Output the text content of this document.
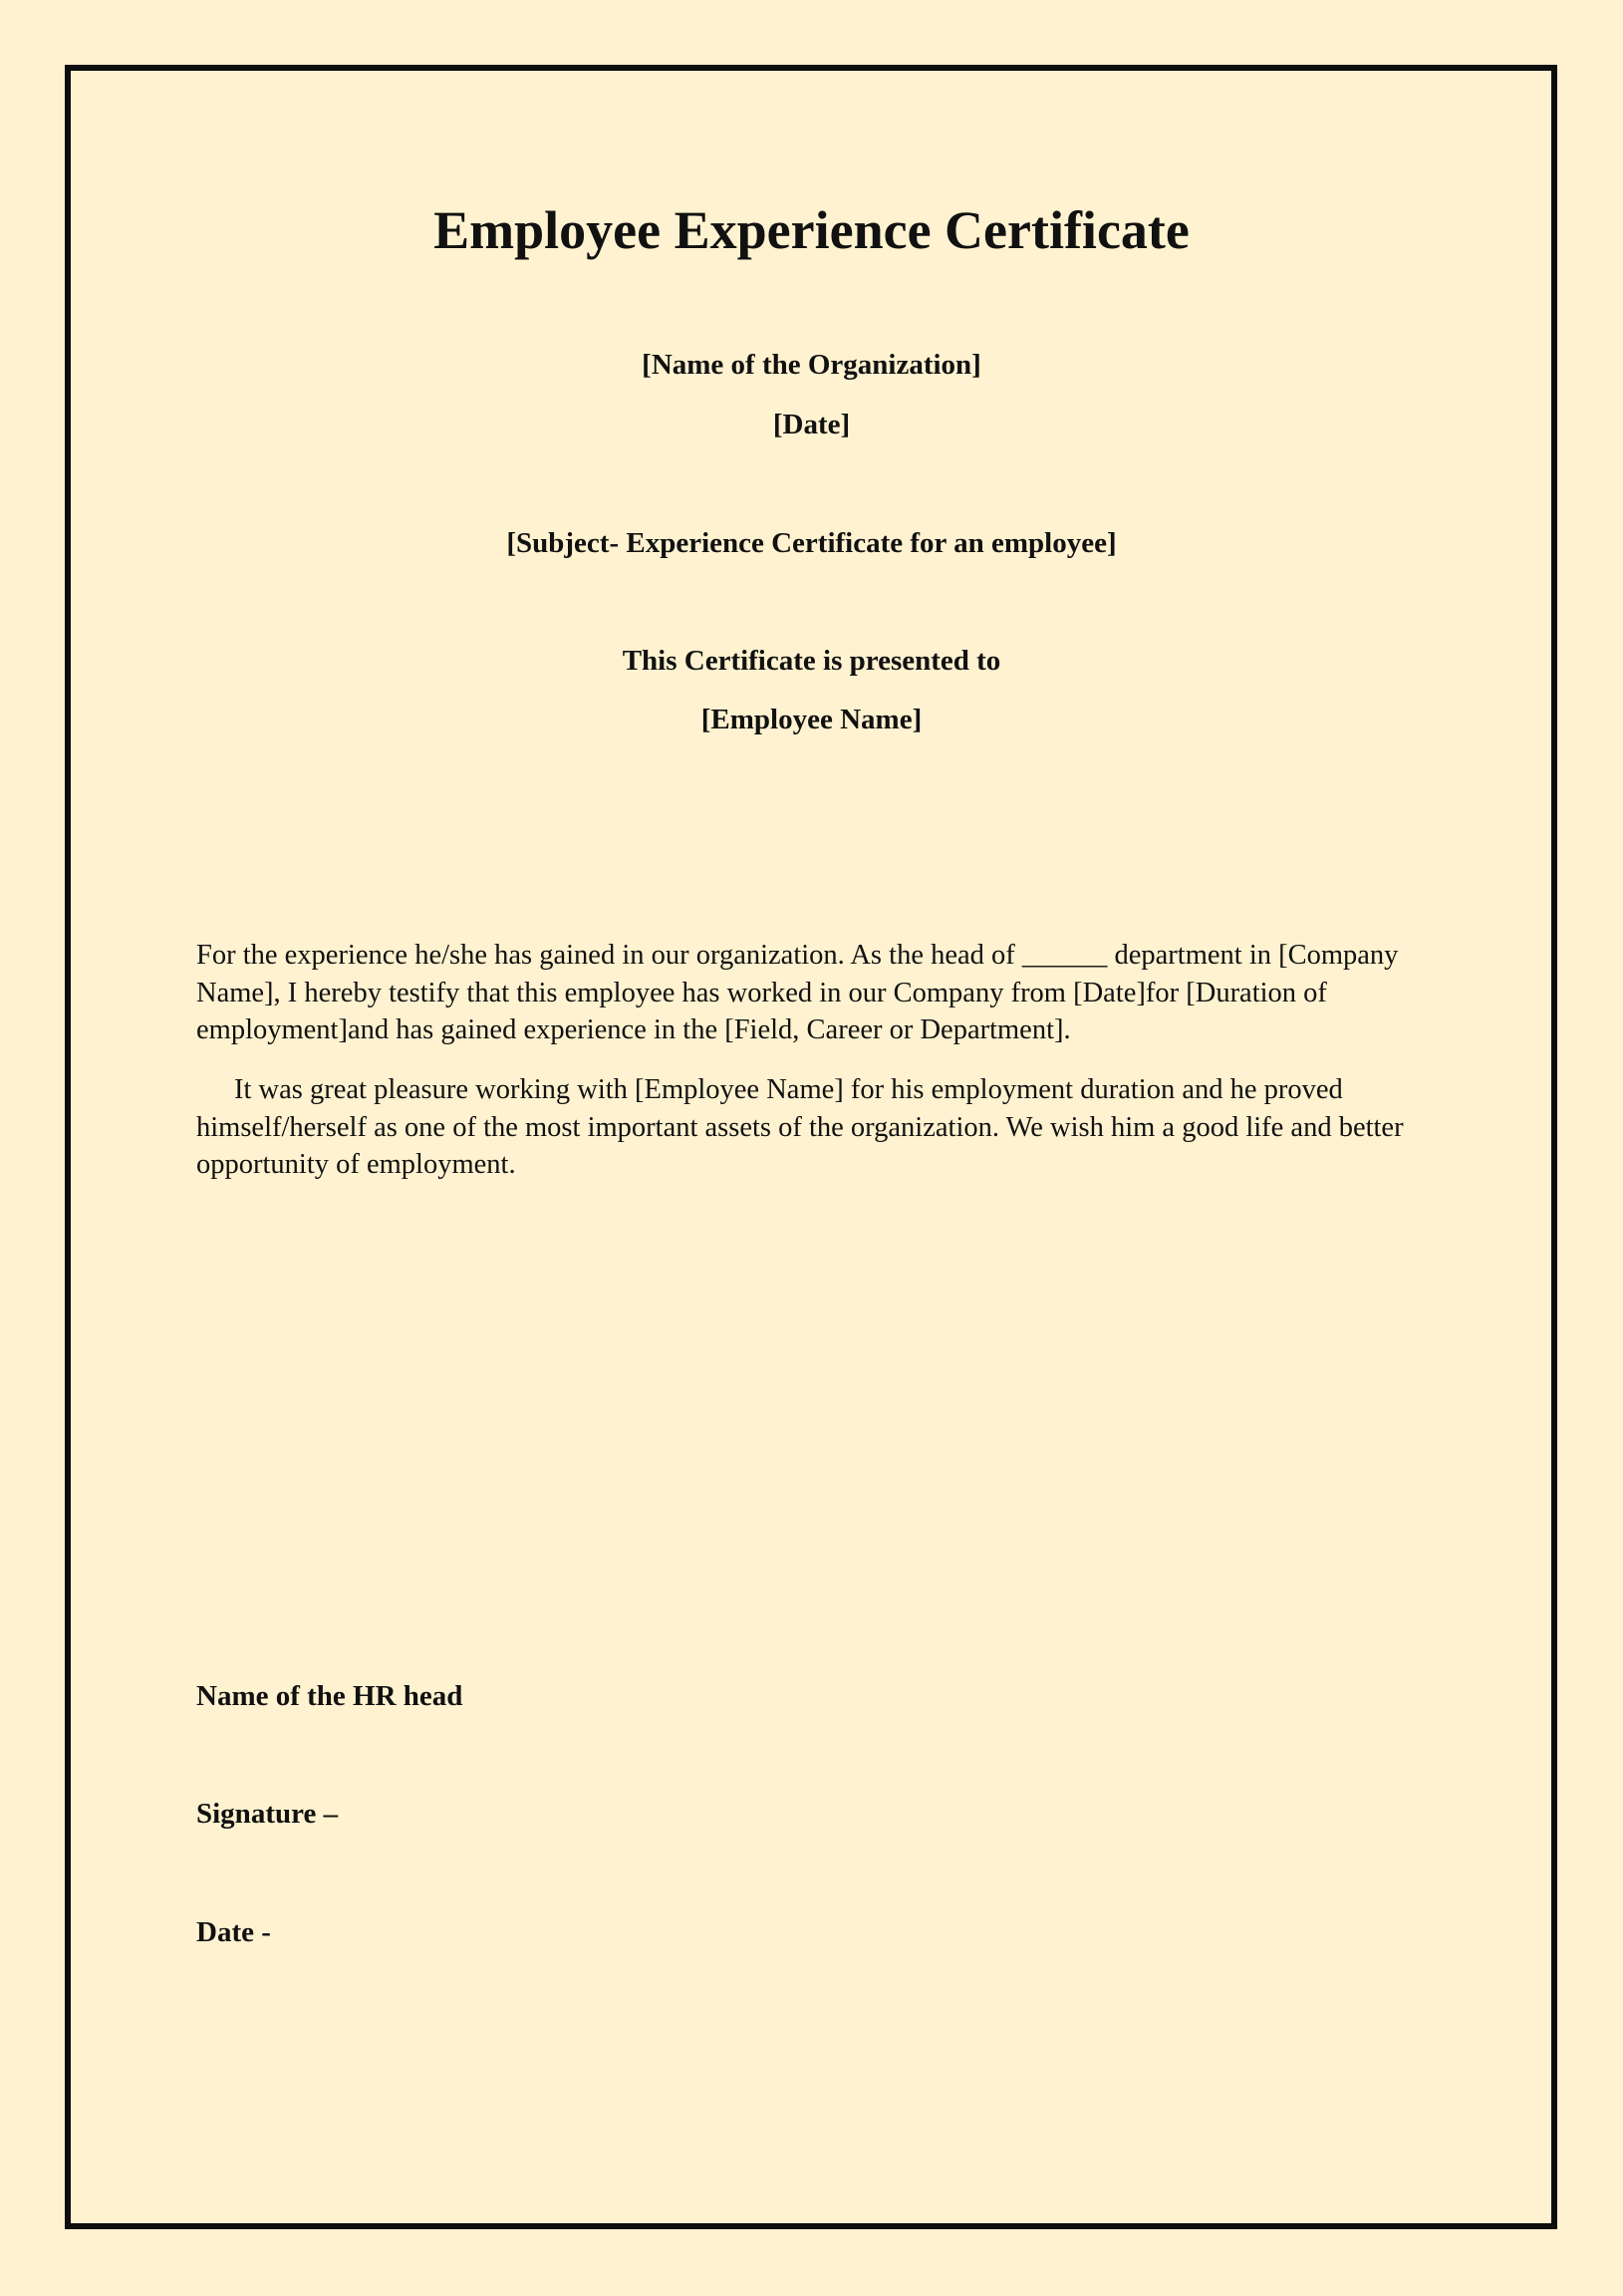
Employee Experience Certificate
[Name of the Organization]
[Date]
[Subject- Experience Certificate for an employee]
This Certificate is presented to
[Employee Name]
For the experience he/she has gained in our organization. As the head of ______ department in [Company Name], I hereby testify that this employee has worked in our Company from [Date]for [Duration of employment]and has gained experience in the [Field, Career or Department].
It was great pleasure working with [Employee Name] for his employment duration and he proved himself/herself as one of the most important assets of the organization. We wish him a good life and better opportunity of employment.
Name of the HR head
Signature –
Date -
